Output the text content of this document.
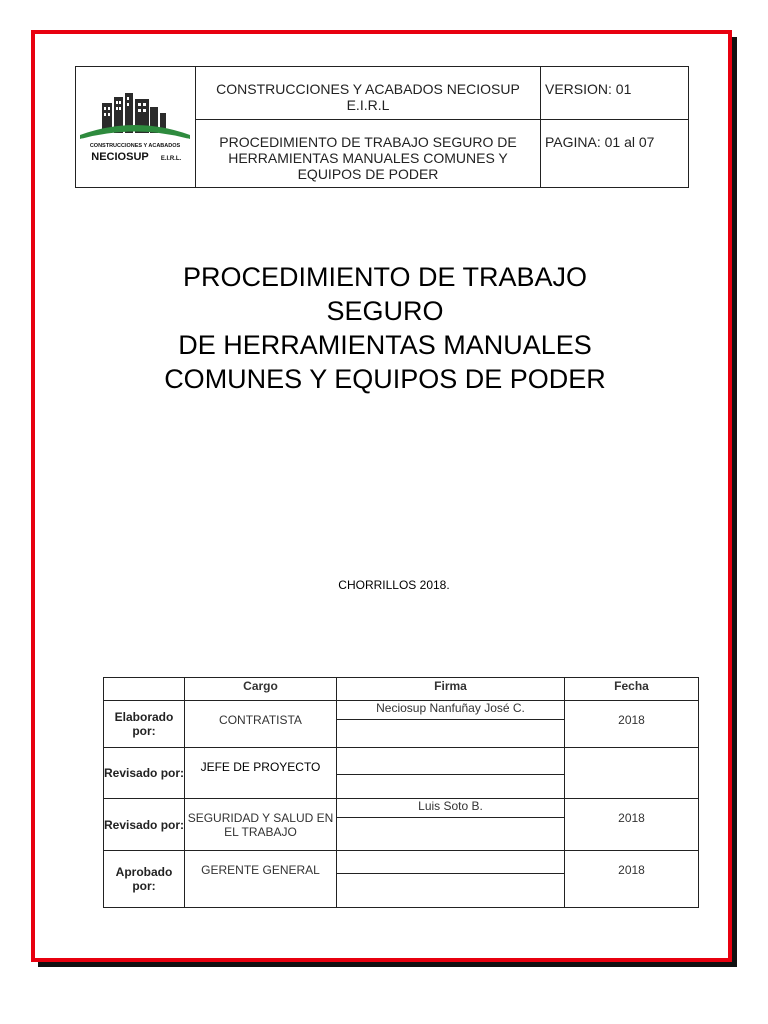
CONSTRUCCIONES Y ACABADOS
NECIOSUP E.I.R.L.	CONSTRUCCIONES Y ACABADOS NECIOSUP E.I.R.L	VERSION: 01
	PROCEDIMIENTO DE TRABAJO SEGURO DE HERRAMIENTAS MANUALES COMUNES Y EQUIPOS DE PODER	PAGINA: 01 al 07
PROCEDIMIENTO DE TRABAJO
SEGURO
DE HERRAMIENTAS MANUALES
COMUNES Y EQUIPOS DE PODER
CHORRILLOS 2018.
	Cargo	Firma	Fecha
Elaborado por:	CONTRATISTA	Neciosup Nanfuñay José C.	2018
Revisado por:	JEFE DE PROYECTO	

Revisado por:	SEGURIDAD Y SALUD EN EL TRABAJO	Luis Soto B.	2018
Aprobado por:	GERENTE GENERAL		2018
